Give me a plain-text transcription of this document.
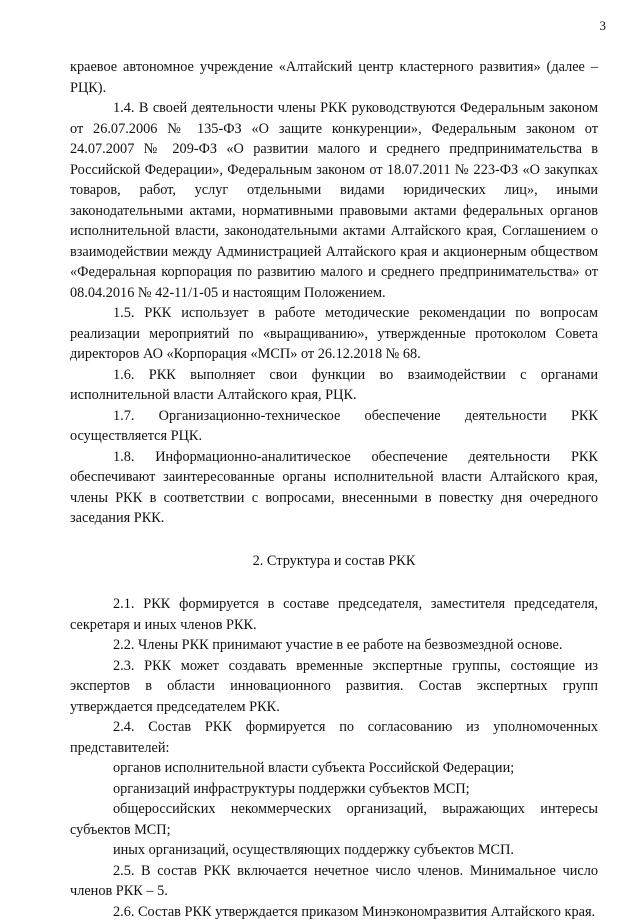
3

краевое автономное учреждение «Алтайский центр кластерного развития» (далее – РЦК).

1.4. В своей деятельности члены РКК руководствуются Федеральным законом от 26.07.2006 № 135-ФЗ «О защите конкуренции», Федеральным законом от 24.07.2007 № 209-ФЗ «О развитии малого и среднего предпринимательства в Российской Федерации», Федеральным законом от 18.07.2011 № 223-ФЗ «О закупках товаров, работ, услуг отдельными видами юридических лиц», иными законодательными актами, нормативными правовыми актами федеральных органов исполнительной власти, законодательными актами Алтайского края, Соглашением о взаимодействии между Администрацией Алтайского края и акционерным обществом «Федеральная корпорация по развитию малого и среднего предпринимательства» от 08.04.2016 № 42-11/1-05 и настоящим Положением.

1.5. РКК использует в работе методические рекомендации по вопросам реализации мероприятий по «выращиванию», утвержденные протоколом Совета директоров АО «Корпорация «МСП» от 26.12.2018 № 68.

1.6. РКК выполняет свои функции во взаимодействии с органами исполнительной власти Алтайского края, РЦК.

1.7. Организационно-техническое обеспечение деятельности РКК осуществляется РЦК.

1.8. Информационно-аналитическое обеспечение деятельности РКК обеспечивают заинтересованные органы исполнительной власти Алтайского края, члены РКК в соответствии с вопросами, внесенными в повестку дня очередного заседания РКК.

2. Структура и состав РКК

2.1. РКК формируется в составе председателя, заместителя председателя, секретаря и иных членов РКК.

2.2. Члены РКК принимают участие в ее работе на безвозмездной основе.

2.3. РКК может создавать временные экспертные группы, состоящие из экспертов в области инновационного развития. Состав экспертных групп утверждается председателем РКК.

2.4. Состав РКК формируется по согласованию из уполномоченных представителей:

органов исполнительной власти субъекта Российской Федерации;

организаций инфраструктуры поддержки субъектов МСП;

общероссийских некоммерческих организаций, выражающих интересы субъектов МСП;

иных организаций, осуществляющих поддержку субъектов МСП.

2.5. В состав РКК включается нечетное число членов. Минимальное число членов РКК – 5.

2.6. Состав РКК утверждается приказом Минэкономразвития Алтайского края.
